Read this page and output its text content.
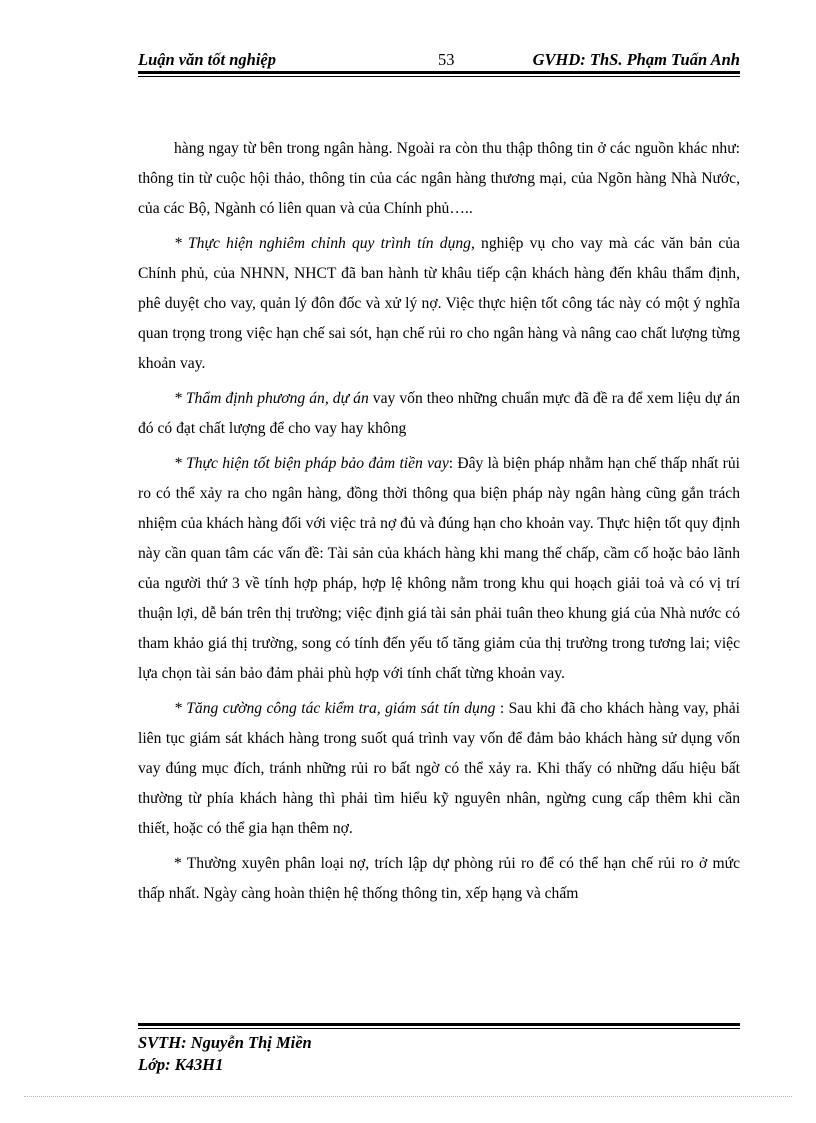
Luận văn tốt nghiệp	53	GVHD: ThS. Phạm Tuấn Anh

hàng ngay từ bên trong ngân hàng. Ngoài ra còn thu thập thông tin ở các nguồn khác như: thông tin từ cuộc hội thảo, thông tin của các ngân hàng thương mại, của Ngõn hàng Nhà Nước, của các Bộ, Ngành có liên quan và của Chính phủ…..

* Thực hiện nghiêm chỉnh quy trình tín dụng, nghiệp vụ cho vay mà các văn bản của Chính phủ, của NHNN, NHCT đã ban hành từ khâu tiếp cận khách hàng đến khâu thẩm định, phê duyệt cho vay, quản lý đôn đốc và xử lý nợ. Việc thực hiện tốt công tác này có một ý nghĩa quan trọng trong việc hạn chế sai sót, hạn chế rủi ro cho ngân hàng và nâng cao chất lượng từng khoản vay.

* Thẩm định phương án, dự án vay vốn theo những chuẩn mực đã đề ra để xem liệu dự án đó có đạt chất lượng để cho vay hay không

* Thực hiện tốt biện pháp bảo đảm tiền vay: Đây là biện pháp nhằm hạn chế thấp nhất rủi ro có thể xảy ra cho ngân hàng, đồng thời thông qua biện pháp này ngân hàng cũng gắn trách nhiệm của khách hàng đối với việc trả nợ đủ và đúng hạn cho khoản vay. Thực hiện tốt quy định này cần quan tâm các vấn đề: Tài sản của khách hàng khi mang thế chấp, cầm cố hoặc bảo lãnh của người thứ 3 về tính hợp pháp, hợp lệ không nằm trong khu qui hoạch giải toả và có vị trí thuận lợi, dễ bán trên thị trường; việc định giá tài sản phải tuân theo khung giá của Nhà nước có tham khảo giá thị trường, song có tính đến yếu tố tăng giảm của thị trường trong tương lai; việc lựa chọn tài sản bảo đảm phải phù hợp với tính chất từng khoản vay.

* Tăng cường công tác kiểm tra, giám sát tín dụng : Sau khi đã cho khách hàng vay, phải liên tục giám sát khách hàng trong suốt quá trình vay vốn để đảm bảo khách hàng sử dụng vốn vay đúng mục đích, tránh những rủi ro bất ngờ có thể xảy ra. Khi thấy có những dấu hiệu bất thường từ phía khách hàng thì phải tìm hiểu kỹ nguyên nhân, ngừng cung cấp thêm khi cần thiết, hoặc có thể gia hạn thêm nợ.

* Thường xuyên phân loại nợ, trích lập dự phòng rủi ro để có thể hạn chế rủi ro ở mức thấp nhất. Ngày càng hoàn thiện hệ thống thông tin, xếp hạng và chấm

SVTH: Nguyễn Thị Miền
Lớp: K43H1
